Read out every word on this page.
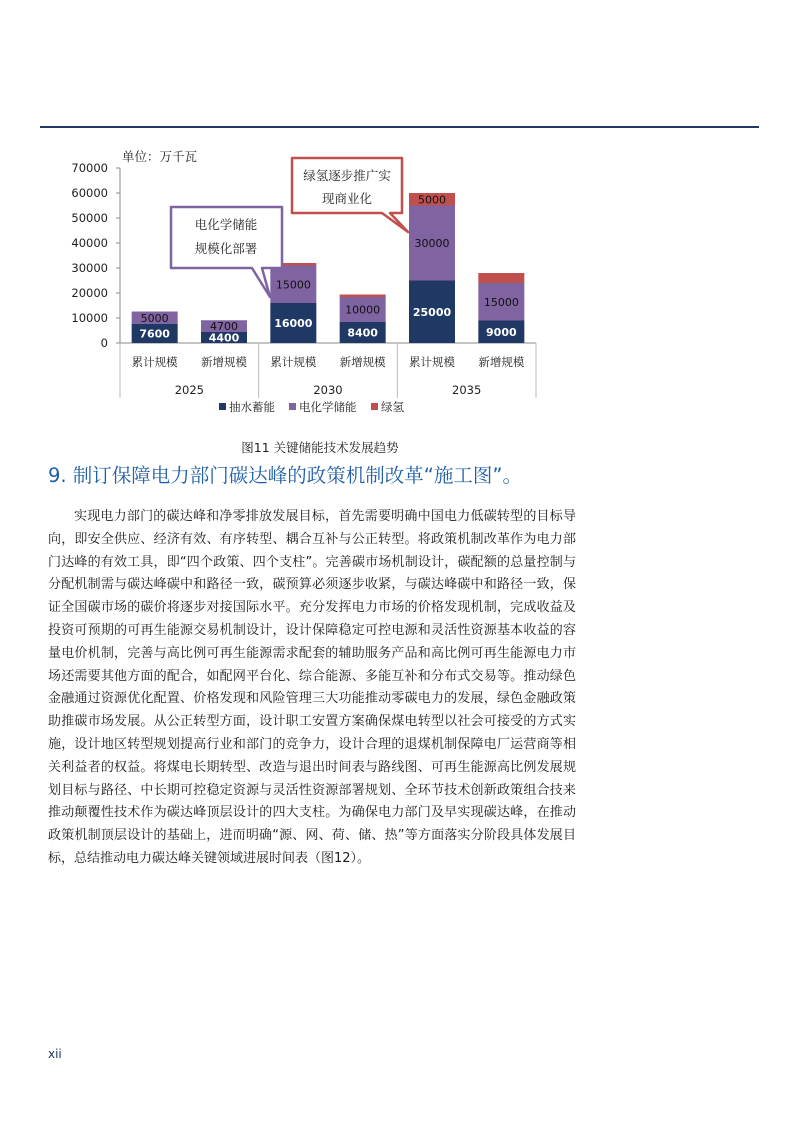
单位：万千瓦
70000
60000
50000
40000
30000
20000
10000
0
累计规模 新增规模 累计规模 新增规模 累计规模 新增规模
7600
5000
4400
4700	16000
15000
8400
10000	25000
30000
5000
9000
15000
2025	2030	2035
抽水蓄能 电化学储能 绿氢
电化学储能
规模化部署
绿氢逐步推广实
现商业化
图11 关键储能技术发展趋势
9. 制订保障电力部门碳达峰的政策机制改革“施工图”。

实现电力部门的碳达峰和净零排放发展目标，首先需要明确中国电力低碳转型的目标导向，即安全供应、经济有效、有序转型、耦合互补与公正转型。将政策机制改革作为电力部门达峰的有效工具，即“四个政策、四个支柱”。完善碳市场机制设计，碳配额的总量控制与分配机制需与碳达峰碳中和路径一致，碳预算必须逐步收紧，与碳达峰碳中和路径一致，保证全国碳市场的碳价将逐步对接国际水平。充分发挥电力市场的价格发现机制，完成收益及投资可预期的可再生能源交易机制设计，设计保障稳定可控电源和灵活性资源基本收益的容量电价机制，完善与高比例可再生能源需求配套的辅助服务产品和高比例可再生能源电力市场还需要其他方面的配合，如配网平台化、综合能源、多能互补和分布式交易等。推动绿色金融通过资源优化配置、价格发现和风险管理三大功能推动零碳电力的发展，绿色金融政策助推碳市场发展。从公正转型方面，设计职工安置方案确保煤电转型以社会可接受的方式实施，设计地区转型规划提高行业和部门的竞争力，设计合理的退煤机制保障电厂运营商等相关利益者的权益。将煤电长期转型、改造与退出时间表与路线图、可再生能源高比例发展规划目标与路径、中长期可控稳定资源与灵活性资源部署规划、全环节技术创新政策组合技来推动颠覆性技术作为碳达峰顶层设计的四大支柱。为确保电力部门及早实现碳达峰，在推动政策机制顶层设计的基础上，进而明确“源、网、荷、储、热”等方面落实分阶段具体发展目标，总结推动电力碳达峰关键领域进展时间表（图12）。

xii
